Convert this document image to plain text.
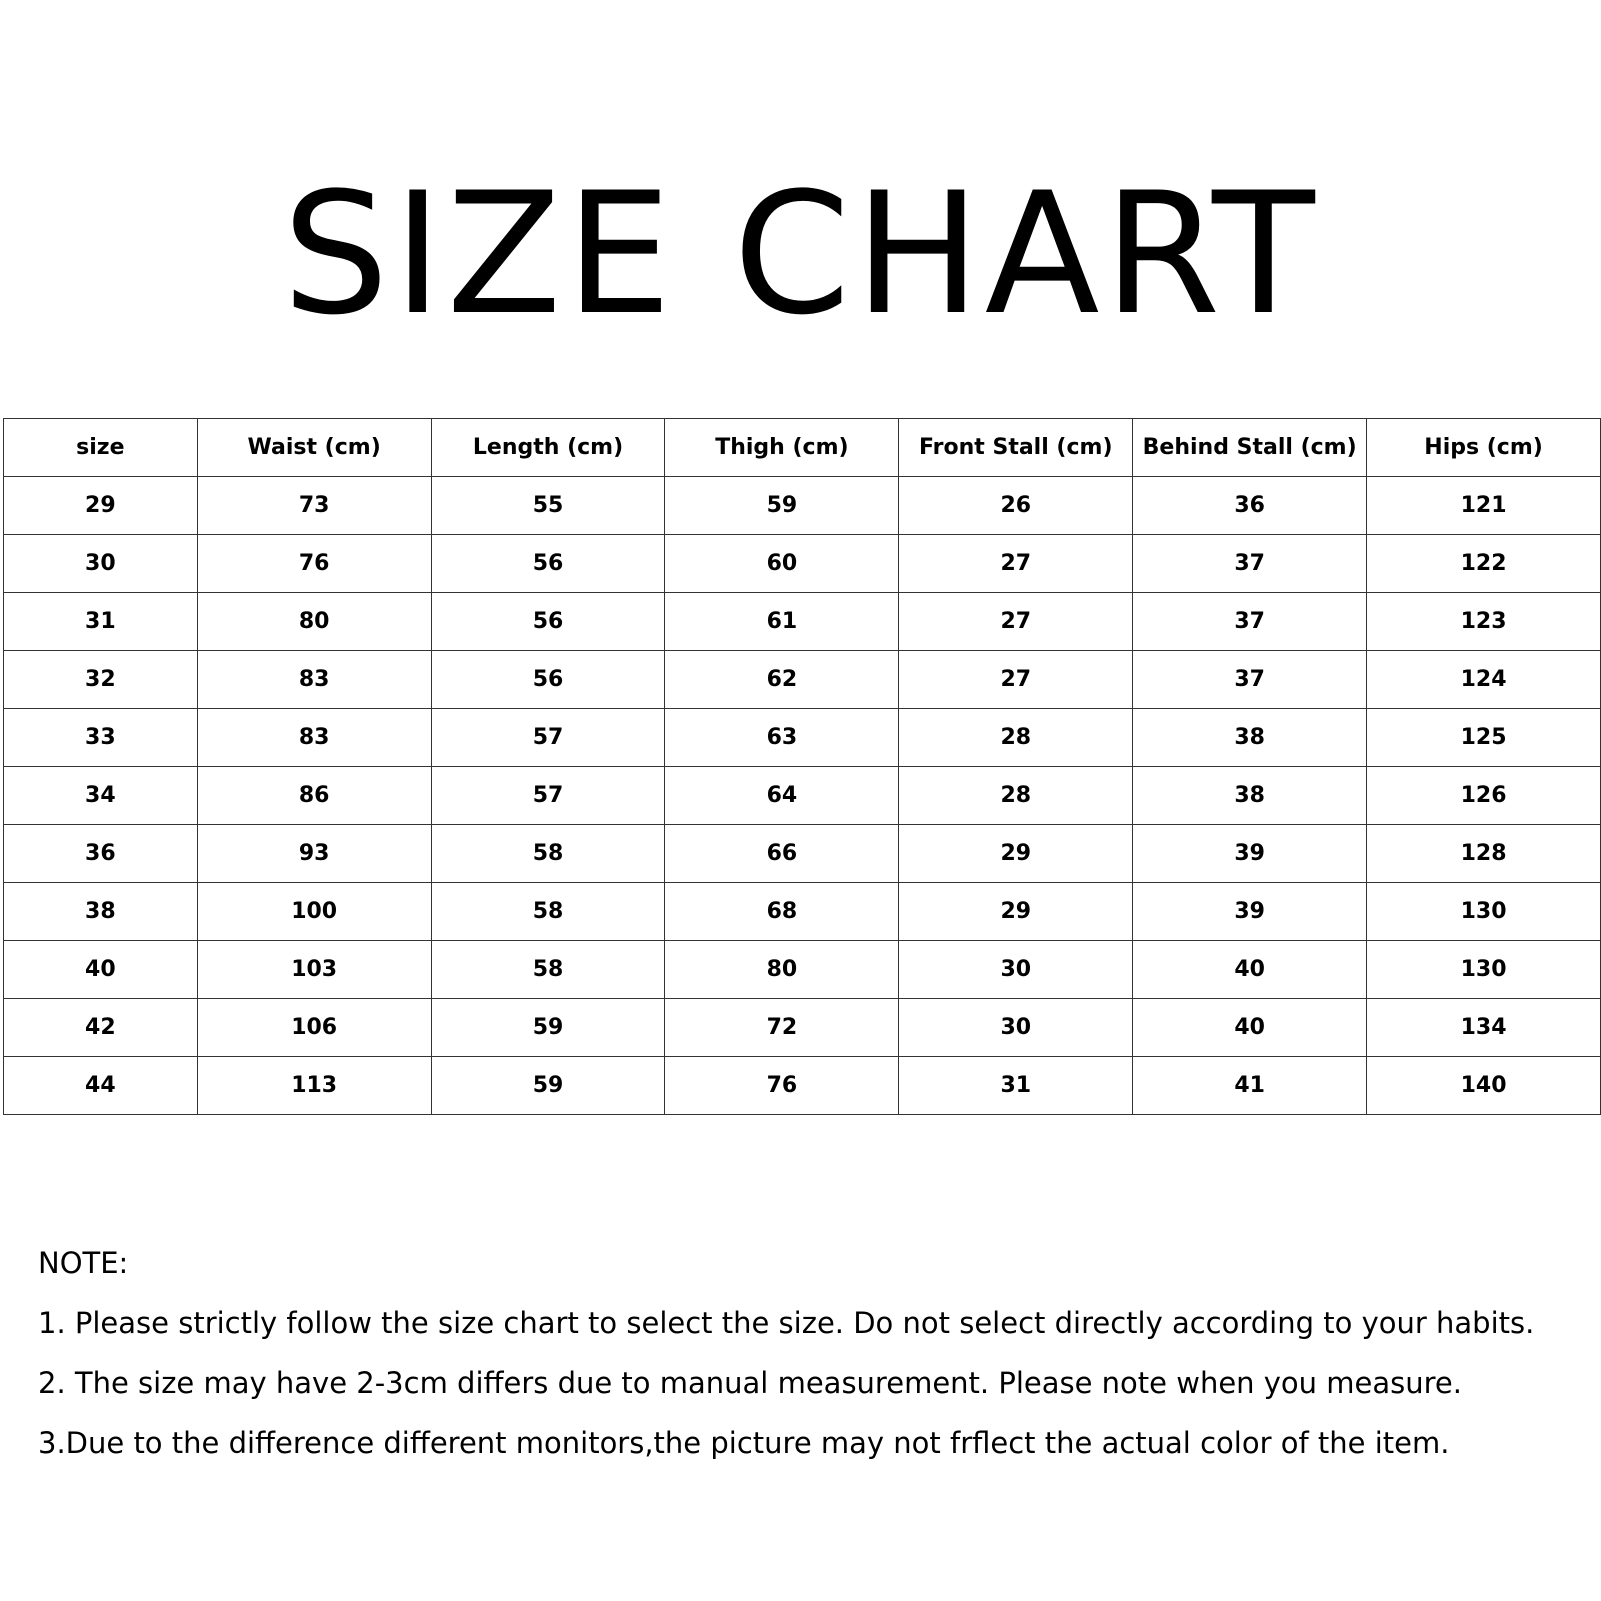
SIZE CHART
size	Waist (cm)	Length (cm)	Thigh (cm)	Front Stall (cm)	Behind Stall (cm)	Hips (cm)
29	73	55	59	26	36	121
30	76	56	60	27	37	122
31	80	56	61	27	37	123
32	83	56	62	27	37	124
33	83	57	63	28	38	125
34	86	57	64	28	38	126
36	93	58	66	29	39	128
38	100	58	68	29	39	130
40	103	58	80	30	40	130
42	106	59	72	30	40	134
44	113	59	76	31	41	140
NOTE:
1. Please strictly follow the size chart to select the size. Do not select directly according to your habits.
2. The size may have 2-3cm differs due to manual measurement. Please note when you measure.
3.Due to the difference different monitors,the picture may not frflect the actual color of the item.
